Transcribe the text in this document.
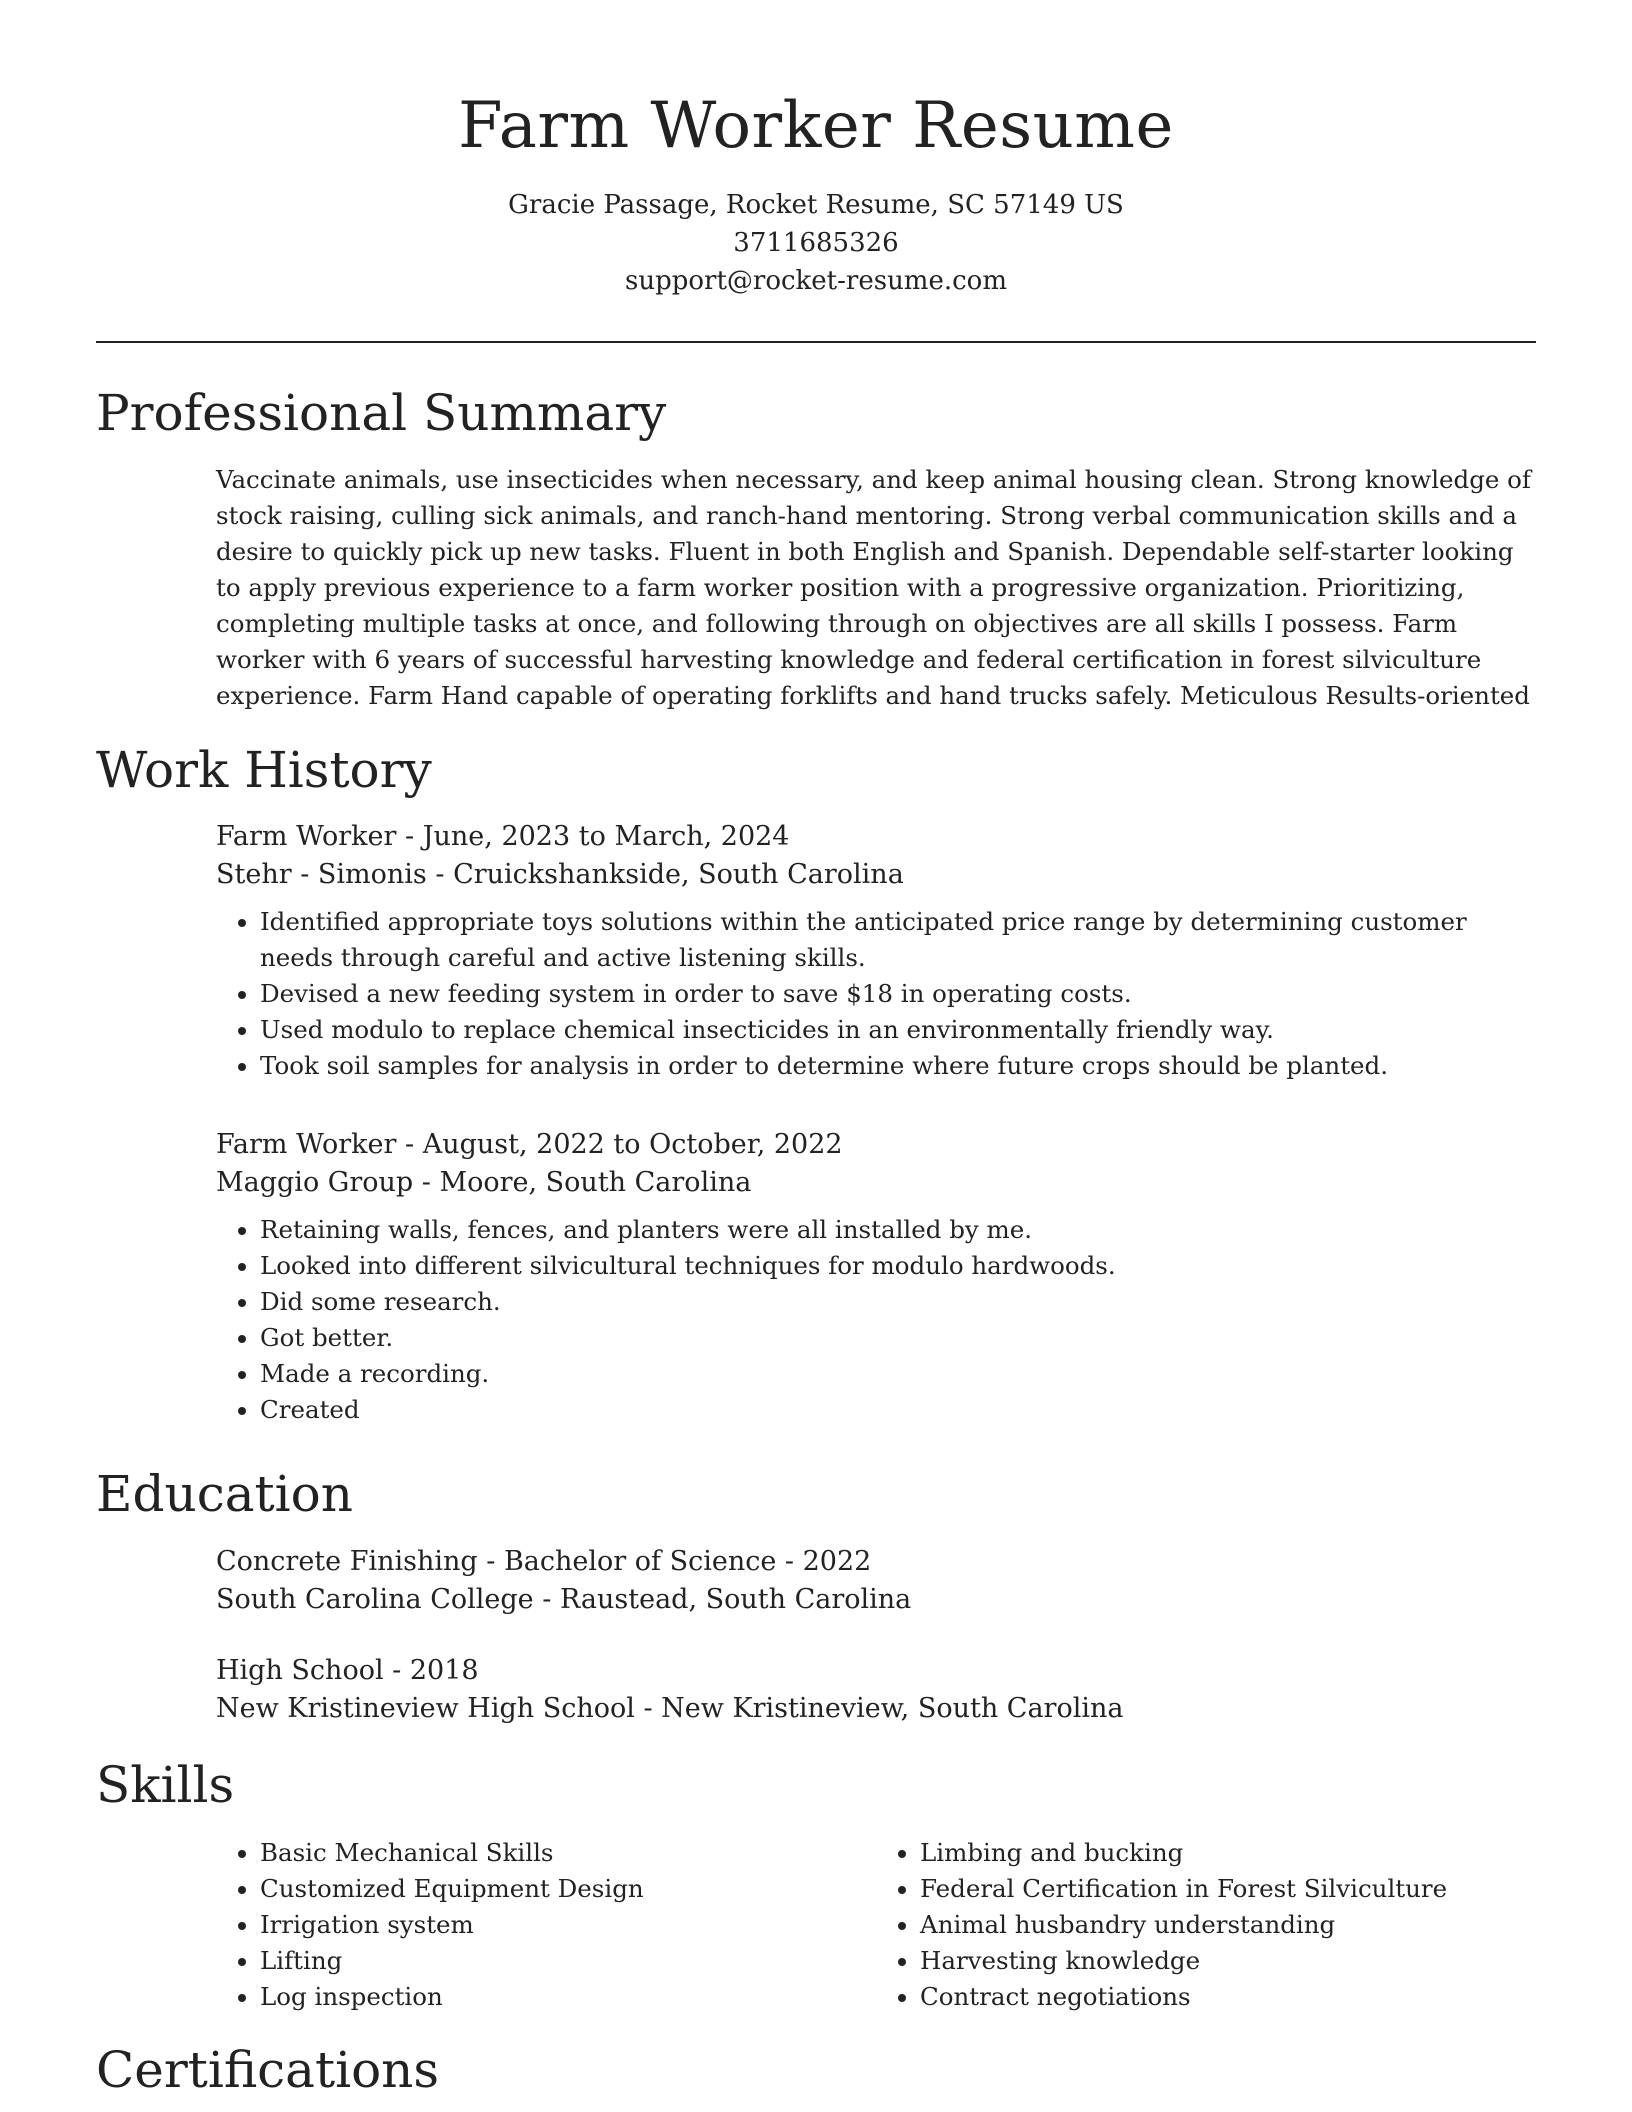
Farm Worker Resume
Gracie Passage, Rocket Resume, SC 57149 US
3711685326
support@rocket-resume.com
Professional Summary

Vaccinate animals, use insecticides when necessary, and keep animal housing clean. Strong knowledge of stock raising, culling sick animals, and ranch-hand mentoring. Strong verbal communication skills and a desire to quickly pick up new tasks. Fluent in both English and Spanish. Dependable self-starter looking to apply previous experience to a farm worker position with a progressive organization. Prioritizing, completing multiple tasks at once, and following through on objectives are all skills I possess. Farm worker with 6 years of successful harvesting knowledge and federal certification in forest silviculture experience. Farm Hand capable of operating forklifts and hand trucks safely. Meticulous Results-oriented

Work History
Farm Worker - June, 2023 to March, 2024
Stehr - Simonis - Cruickshankside, South Carolina
• Identified appropriate toys solutions within the anticipated price range by determining customer needs through careful and active listening skills.
• Devised a new feeding system in order to save $18 in operating costs.
• Used modulo to replace chemical insecticides in an environmentally friendly way.
• Took soil samples for analysis in order to determine where future crops should be planted.
Farm Worker - August, 2022 to October, 2022
Maggio Group - Moore, South Carolina
• Retaining walls, fences, and planters were all installed by me.
• Looked into different silvicultural techniques for modulo hardwoods.
• Did some research.
• Got better.
• Made a recording.
• Created
Education
Concrete Finishing - Bachelor of Science - 2022
South Carolina College - Raustead, South Carolina
High School - 2018
New Kristineview High School - New Kristineview, South Carolina
Skills
• Basic Mechanical Skills
• Customized Equipment Design
• Irrigation system
• Lifting
• Log inspection
• Limbing and bucking
• Federal Certification in Forest Silviculture
• Animal husbandry understanding
• Harvesting knowledge
• Contract negotiations
Certifications
